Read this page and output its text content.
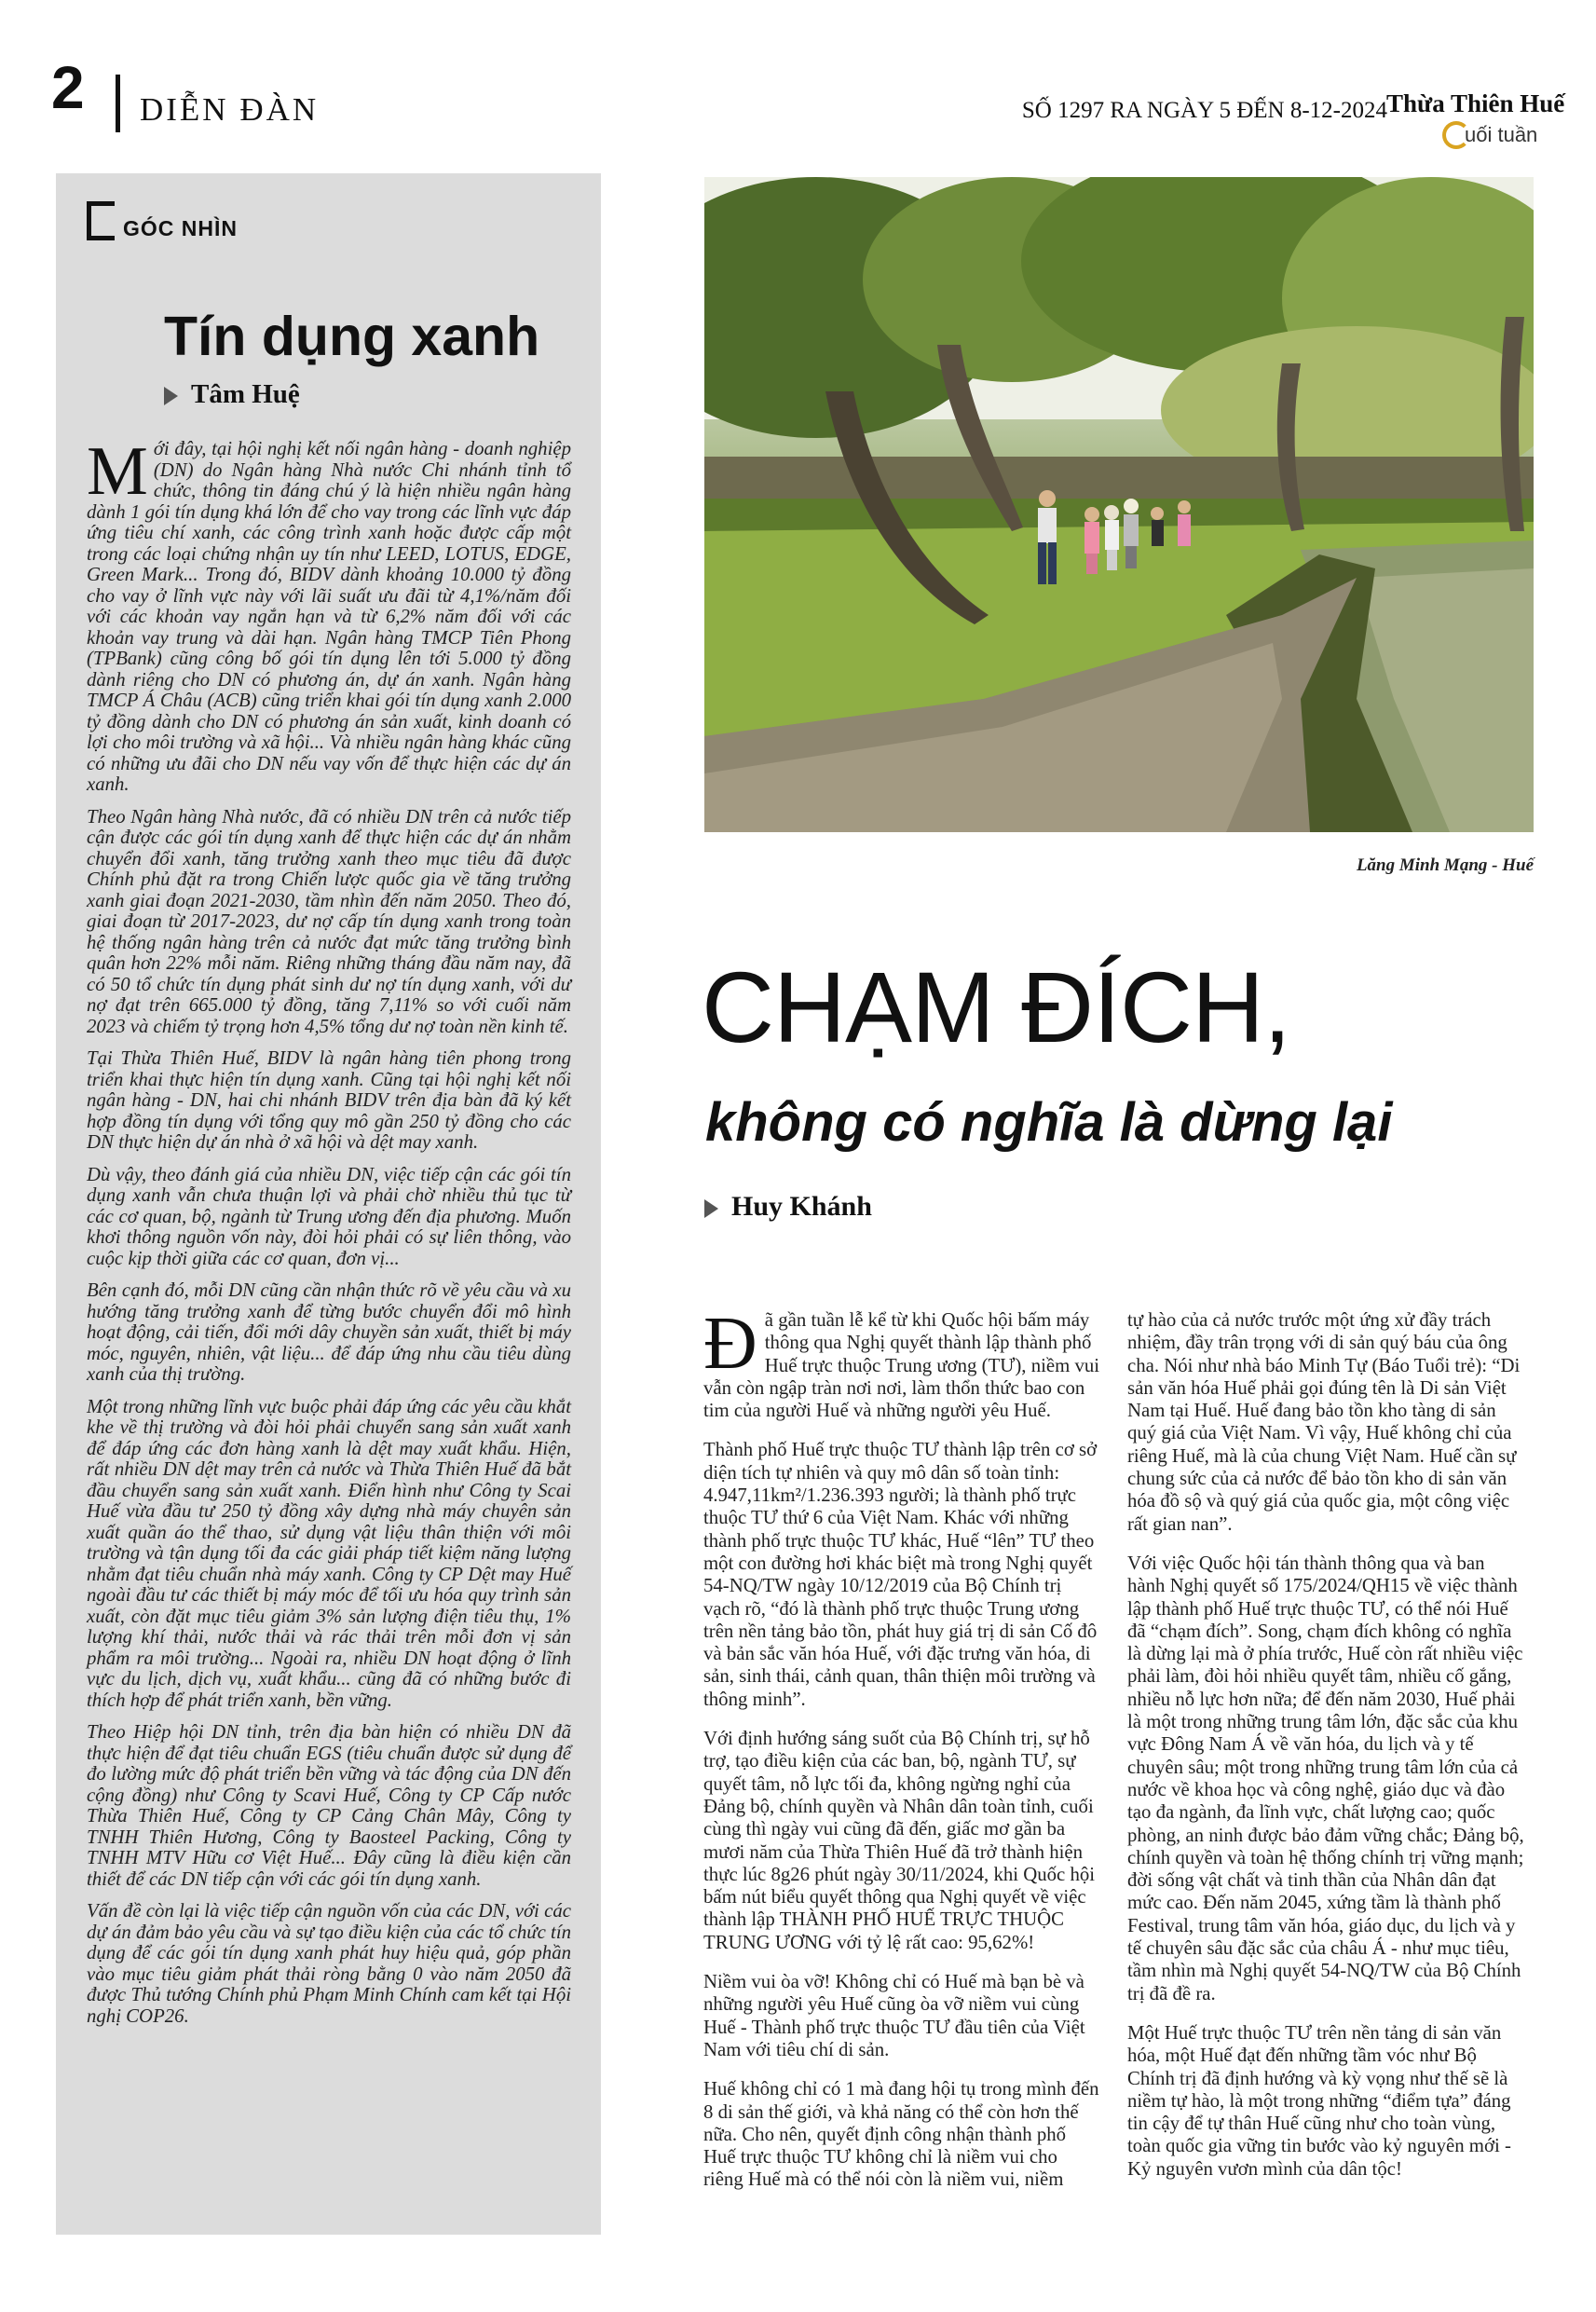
2 DIỄN ĐÀN	SỐ 1297 RA NGÀY 5 ĐẾN 8-12-2024 Thừa Thiên Huế
uối tuần
GÓC NHÌN
Tín dụng xanh
Tâm Huệ

Mới đây, tại hội nghị kết nối ngân hàng - doanh nghiệp (DN) do Ngân hàng Nhà nước Chi nhánh tỉnh tổ chức, thông tin đáng chú ý là hiện nhiều ngân hàng dành 1 gói tín dụng khá lớn để cho vay trong các lĩnh vực đáp ứng tiêu chí xanh, các công trình xanh hoặc được cấp một trong các loại chứng nhận uy tín như LEED, LOTUS, EDGE, Green Mark... Trong đó, BIDV dành khoảng 10.000 tỷ đồng cho vay ở lĩnh vực này với lãi suất ưu đãi từ 4,1%/năm đối với các khoản vay ngắn hạn và từ 6,2% năm đối với các khoản vay trung và dài hạn. Ngân hàng TMCP Tiên Phong (TPBank) cũng công bố gói tín dụng lên tới 5.000 tỷ đồng dành riêng cho DN có phương án, dự án xanh. Ngân hàng TMCP Á Châu (ACB) cũng triển khai gói tín dụng xanh 2.000 tỷ đồng dành cho DN có phương án sản xuất, kinh doanh có lợi cho môi trường và xã hội... Và nhiều ngân hàng khác cũng có những ưu đãi cho DN nếu vay vốn để thực hiện các dự án xanh.

Theo Ngân hàng Nhà nước, đã có nhiều DN trên cả nước tiếp cận được các gói tín dụng xanh để thực hiện các dự án nhằm chuyển đổi xanh, tăng trưởng xanh theo mục tiêu đã được Chính phủ đặt ra trong Chiến lược quốc gia về tăng trưởng xanh giai đoạn 2021-2030, tầm nhìn đến năm 2050. Theo đó, giai đoạn từ 2017-2023, dư nợ cấp tín dụng xanh trong toàn hệ thống ngân hàng trên cả nước đạt mức tăng trưởng bình quân hơn 22% mỗi năm. Riêng những tháng đầu năm nay, đã có 50 tổ chức tín dụng phát sinh dư nợ tín dụng xanh, với dư nợ đạt trên 665.000 tỷ đồng, tăng 7,11% so với cuối năm 2023 và chiếm tỷ trọng hơn 4,5% tổng dư nợ toàn nền kinh tế.

Tại Thừa Thiên Huế, BIDV là ngân hàng tiên phong trong triển khai thực hiện tín dụng xanh. Cũng tại hội nghị kết nối ngân hàng - DN, hai chi nhánh BIDV trên địa bàn đã ký kết hợp đồng tín dụng với tổng quy mô gần 250 tỷ đồng cho các DN thực hiện dự án nhà ở xã hội và dệt may xanh.

Dù vậy, theo đánh giá của nhiều DN, việc tiếp cận các gói tín dụng xanh vẫn chưa thuận lợi và phải chờ nhiều thủ tục từ các cơ quan, bộ, ngành từ Trung ương đến địa phương. Muốn khơi thông nguồn vốn này, đòi hỏi phải có sự liên thông, vào cuộc kịp thời giữa các cơ quan, đơn vị...

Bên cạnh đó, mỗi DN cũng cần nhận thức rõ về yêu cầu và xu hướng tăng trưởng xanh để từng bước chuyển đổi mô hình hoạt động, cải tiến, đổi mới dây chuyền sản xuất, thiết bị máy móc, nguyên, nhiên, vật liệu... để đáp ứng nhu cầu tiêu dùng xanh của thị trường.

Một trong những lĩnh vực buộc phải đáp ứng các yêu cầu khắt khe về thị trường và đòi hỏi phải chuyển sang sản xuất xanh để đáp ứng các đơn hàng xanh là dệt may xuất khẩu. Hiện, rất nhiều DN dệt may trên cả nước và Thừa Thiên Huế đã bắt đầu chuyển sang sản xuất xanh. Điển hình như Công ty Scai Huế vừa đầu tư 250 tỷ đồng xây dựng nhà máy chuyên sản xuất quần áo thể thao, sử dụng vật liệu thân thiện với môi trường và tận dụng tối đa các giải pháp tiết kiệm năng lượng nhằm đạt tiêu chuẩn nhà máy xanh. Công ty CP Dệt may Huế ngoài đầu tư các thiết bị máy móc để tối ưu hóa quy trình sản xuất, còn đặt mục tiêu giảm 3% sản lượng điện tiêu thụ, 1% lượng khí thải, nước thải và rác thải trên mỗi đơn vị sản phẩm ra môi trường... Ngoài ra, nhiều DN hoạt động ở lĩnh vực du lịch, dịch vụ, xuất khẩu... cũng đã có những bước đi thích hợp để phát triển xanh, bền vững.

Theo Hiệp hội DN tỉnh, trên địa bàn hiện có nhiều DN đã thực hiện để đạt tiêu chuẩn EGS (tiêu chuẩn được sử dụng để đo lường mức độ phát triển bền vững và tác động của DN đến cộng đồng) như Công ty Scavi Huế, Công ty CP Cấp nước Thừa Thiên Huế, Công ty CP Cảng Chân Mây, Công ty TNHH Thiên Hương, Công ty Baosteel Packing, Công ty TNHH MTV Hữu cơ Việt Huế... Đây cũng là điều kiện cần thiết để các DN tiếp cận với các gói tín dụng xanh.

Vấn đề còn lại là việc tiếp cận nguồn vốn của các DN, với các dự án đảm bảo yêu cầu và sự tạo điều kiện của các tổ chức tín dụng để các gói tín dụng xanh phát huy hiệu quả, góp phần vào mục tiêu giảm phát thải ròng bằng 0 vào năm 2050 đã được Thủ tướng Chính phủ Phạm Minh Chính cam kết tại Hội nghị COP26.

Lăng Minh Mạng - Huế
CHẠM ĐÍCH,
không có nghĩa là dừng lại
Huy Khánh

Đã gần tuần lễ kể từ khi Quốc hội bấm máy thông qua Nghị quyết thành lập thành phố Huế trực thuộc Trung ương (TƯ), niềm vui vẫn còn ngập tràn nơi nơi, làm thổn thức bao con tim của người Huế và những người yêu Huế.

Thành phố Huế trực thuộc TƯ thành lập trên cơ sở diện tích tự nhiên và quy mô dân số toàn tỉnh: 4.947,11km²/1.236.393 người; là thành phố trực thuộc TƯ thứ 6 của Việt Nam. Khác với những thành phố trực thuộc TƯ khác, Huế “lên” TƯ theo một con đường hơi khác biệt mà trong Nghị quyết 54-NQ/TW ngày 10/12/2019 của Bộ Chính trị vạch rõ, “đó là thành phố trực thuộc Trung ương trên nền tảng bảo tồn, phát huy giá trị di sản Cố đô và bản sắc văn hóa Huế, với đặc trưng văn hóa, di sản, sinh thái, cảnh quan, thân thiện môi trường và thông minh”.

Với định hướng sáng suốt của Bộ Chính trị, sự hỗ trợ, tạo điều kiện của các ban, bộ, ngành TƯ, sự quyết tâm, nỗ lực tối đa, không ngừng nghỉ của Đảng bộ, chính quyền và Nhân dân toàn tỉnh, cuối cùng thì ngày vui cũng đã đến, giấc mơ gần ba mươi năm của Thừa Thiên Huế đã trở thành hiện thực lúc 8g26 phút ngày 30/11/2024, khi Quốc hội bấm nút biểu quyết thông qua Nghị quyết về việc thành lập THÀNH PHỐ HUẾ TRỰC THUỘC TRUNG ƯƠNG với tỷ lệ rất cao: 95,62%!

Niềm vui òa vỡ! Không chỉ có Huế mà bạn bè và những người yêu Huế cũng òa vỡ niềm vui cùng Huế - Thành phố trực thuộc TƯ đầu tiên của Việt Nam với tiêu chí di sản.

Huế không chỉ có 1 mà đang hội tụ trong mình đến 8 di sản thế giới, và khả năng có thể còn hơn thế nữa. Cho nên, quyết định công nhận thành phố Huế trực thuộc TƯ không chỉ là niềm vui cho riêng Huế mà có thể nói còn là niềm vui, niềm

tự hào của cả nước trước một ứng xử đầy trách nhiệm, đầy trân trọng với di sản quý báu của ông cha. Nói như nhà báo Minh Tự (Báo Tuổi trẻ): “Di sản văn hóa Huế phải gọi đúng tên là Di sản Việt Nam tại Huế. Huế đang bảo tồn kho tàng di sản quý giá của Việt Nam. Vì vậy, Huế không chỉ của riêng Huế, mà là của chung Việt Nam. Huế cần sự chung sức của cả nước để bảo tồn kho di sản văn hóa đồ sộ và quý giá của quốc gia, một công việc rất gian nan”.

Với việc Quốc hội tán thành thông qua và ban hành Nghị quyết số 175/2024/QH15 về việc thành lập thành phố Huế trực thuộc TƯ, có thể nói Huế đã “chạm đích”. Song, chạm đích không có nghĩa là dừng lại mà ở phía trước, Huế còn rất nhiều việc phải làm, đòi hỏi nhiều quyết tâm, nhiều cố gắng, nhiều nỗ lực hơn nữa; để đến năm 2030, Huế phải là một trong những trung tâm lớn, đặc sắc của khu vực Đông Nam Á về văn hóa, du lịch và y tế chuyên sâu; một trong những trung tâm lớn của cả nước về khoa học và công nghệ, giáo dục và đào tạo đa ngành, đa lĩnh vực, chất lượng cao; quốc phòng, an ninh được bảo đảm vững chắc; Đảng bộ, chính quyền và toàn hệ thống chính trị vững mạnh; đời sống vật chất và tinh thần của Nhân dân đạt mức cao. Đến năm 2045, xứng tầm là thành phố Festival, trung tâm văn hóa, giáo dục, du lịch và y tế chuyên sâu đặc sắc của châu Á - như mục tiêu, tầm nhìn mà Nghị quyết 54-NQ/TW của Bộ Chính trị đã đề ra.

Một Huế trực thuộc TƯ trên nền tảng di sản văn hóa, một Huế đạt đến những tầm vóc như Bộ Chính trị đã định hướng và kỳ vọng như thế sẽ là niềm tự hào, là một trong những “điểm tựa” đáng tin cậy để tự thân Huế cũng như cho toàn vùng, toàn quốc gia vững tin bước vào kỷ nguyên mới - Kỷ nguyên vươn mình của dân tộc!
